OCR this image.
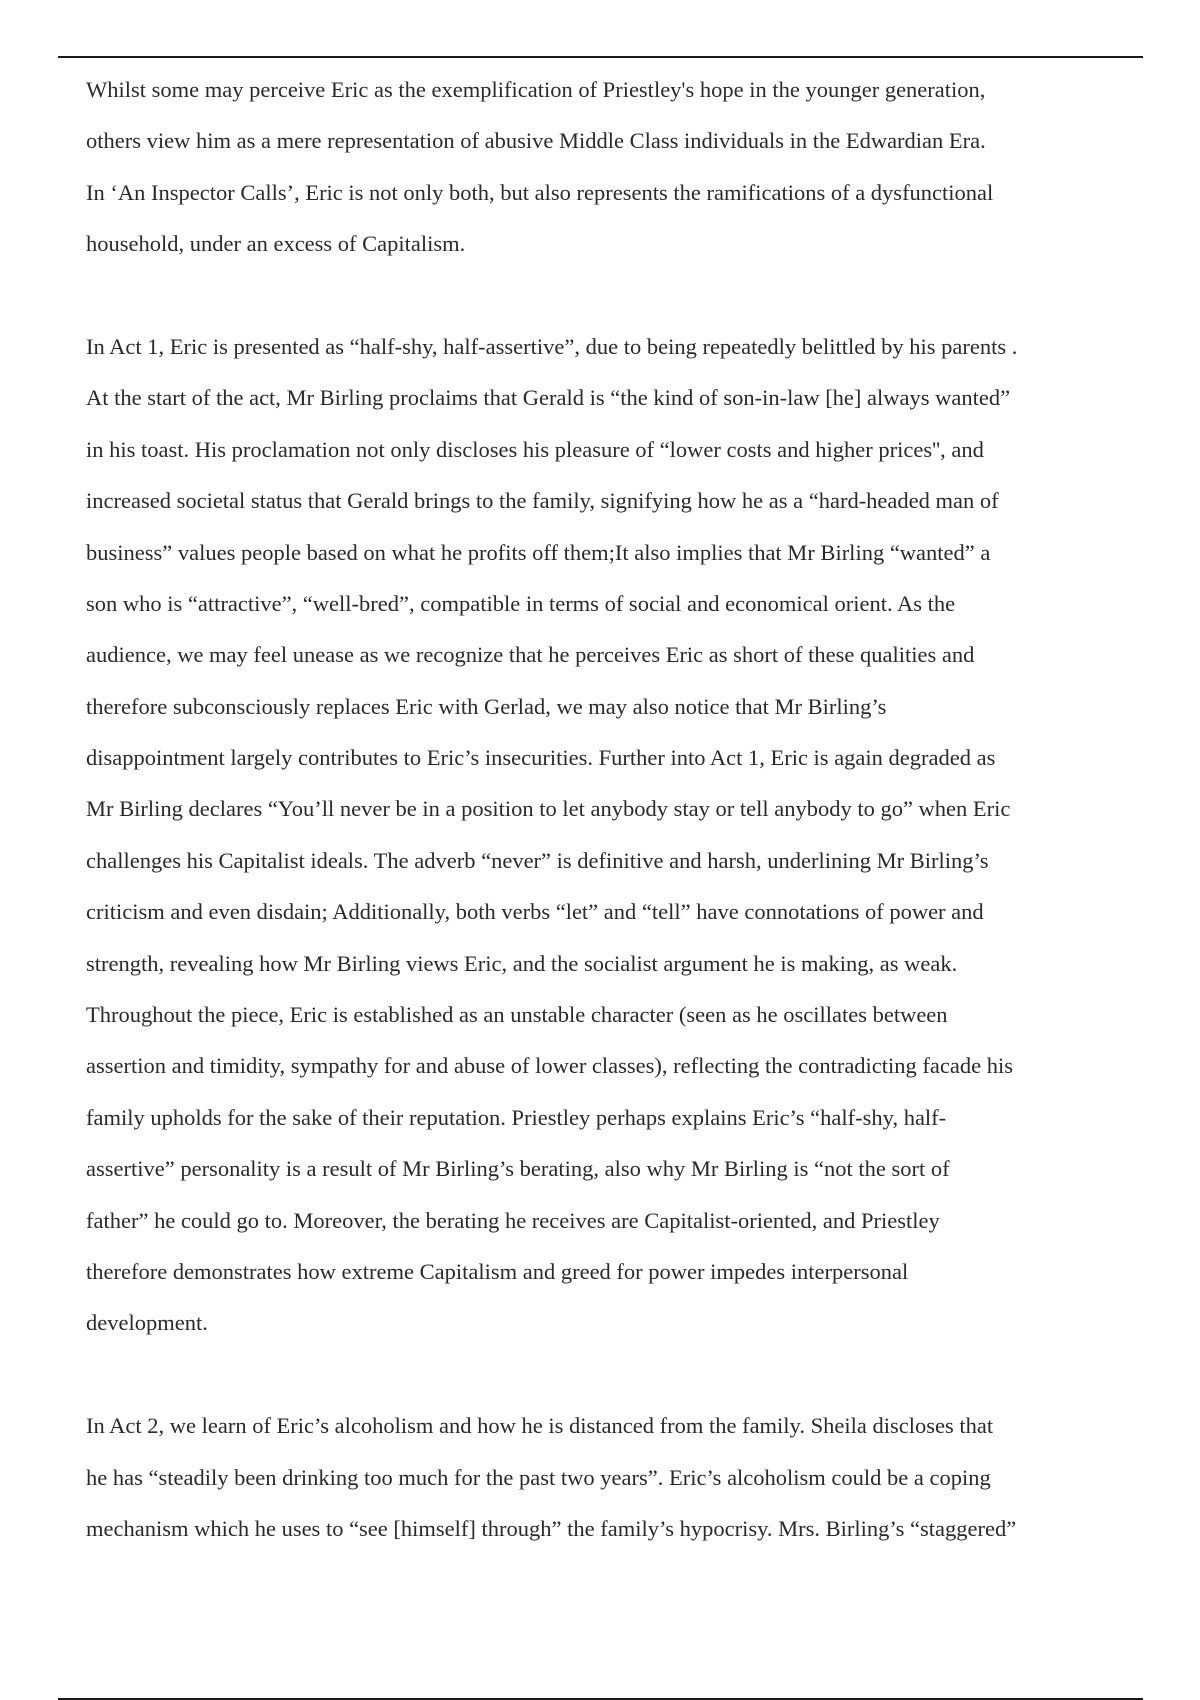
Whilst some may perceive Eric as the exemplification of Priestley's hope in the younger generation,
others view him as a mere representation of abusive Middle Class individuals in the Edwardian Era.
In ‘An Inspector Calls’, Eric is not only both, but also represents the ramifications of a dysfunctional
household, under an excess of Capitalism.
In Act 1, Eric is presented as “half-shy, half-assertive”, due to being repeatedly belittled by his parents .
At the start of the act, Mr Birling proclaims that Gerald is “the kind of son-in-law [he] always wanted”
in his toast. His proclamation not only discloses his pleasure of “lower costs and higher prices'', and
increased societal status that Gerald brings to the family, signifying how he as a “hard-headed man of
business” values people based on what he profits off them;It also implies that Mr Birling “wanted” a
son who is “attractive”, “well-bred”, compatible in terms of social and economical orient. As the
audience, we may feel unease as we recognize that he perceives Eric as short of these qualities and
therefore subconsciously replaces Eric with Gerlad, we may also notice that Mr Birling’s
disappointment largely contributes to Eric’s insecurities. Further into Act 1, Eric is again degraded as
Mr Birling declares “You’ll never be in a position to let anybody stay or tell anybody to go” when Eric
challenges his Capitalist ideals. The adverb “never” is definitive and harsh, underlining Mr Birling’s
criticism and even disdain; Additionally, both verbs “let” and “tell” have connotations of power and
strength, revealing how Mr Birling views Eric, and the socialist argument he is making, as weak.
Throughout the piece, Eric is established as an unstable character (seen as he oscillates between
assertion and timidity, sympathy for and abuse of lower classes), reflecting the contradicting facade his
family upholds for the sake of their reputation. Priestley perhaps explains Eric’s “half-shy, half-
assertive” personality is a result of Mr Birling’s berating, also why Mr Birling is “not the sort of
father” he could go to. Moreover, the berating he receives are Capitalist-oriented, and Priestley
therefore demonstrates how extreme Capitalism and greed for power impedes interpersonal
development.
In Act 2, we learn of Eric’s alcoholism and how he is distanced from the family. Sheila discloses that
he has “steadily been drinking too much for the past two years”. Eric’s alcoholism could be a coping
mechanism which he uses to “see [himself] through” the family’s hypocrisy. Mrs. Birling’s “staggered”
